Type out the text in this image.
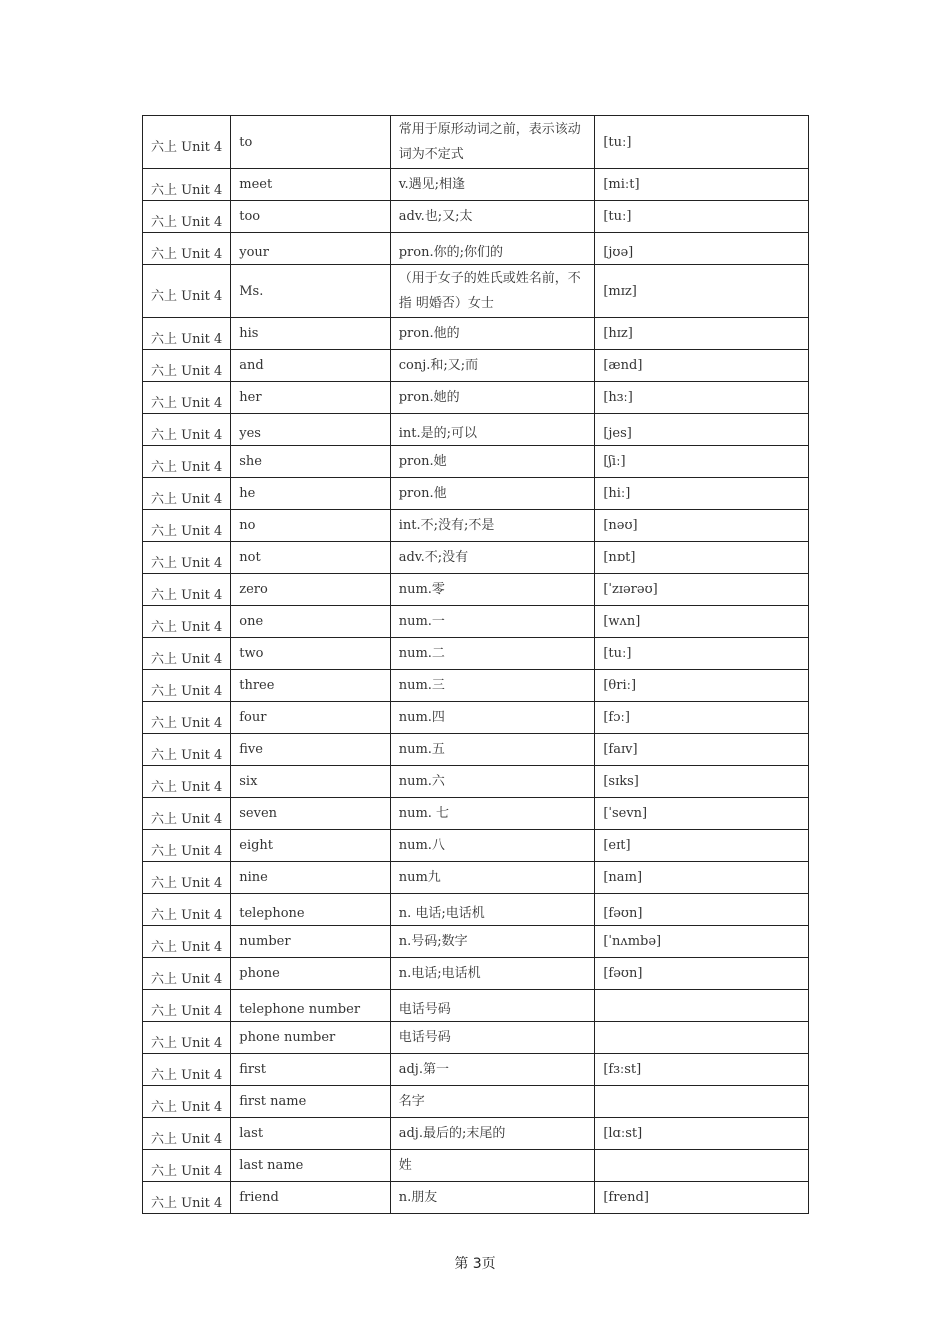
六上 Unit 4	to	常用于原形动词之前，表示该动 词为不定式	[tuː]

六上 Unit 4	meet	v.遇见;相逢	[miːt]

六上 Unit 4	too	adv.也;又;太	[tuː]

六上 Unit 4	your	pron.你的;你们的	[jʊə]

六上 Unit 4	Ms.	（用于女子的姓氏或姓名前，不指 明婚否）女士	[mɪz]

六上 Unit 4	his	pron.他的	[hɪz]

六上 Unit 4	and	conj.和;又;而	[ænd]

六上 Unit 4	her	pron.她的	[hɜː]

六上 Unit 4	yes	int.是的;可以	[jes]

六上 Unit 4	she	pron.她	[ʃiː]

六上 Unit 4	he	pron.他	[hiː]

六上 Unit 4	no	int.不;没有;不是	[nəʊ]

六上 Unit 4	not	adv.不;没有	[nɒt]

六上 Unit 4	zero	num.零	[ˈzɪərəʊ]

六上 Unit 4	one	num.一	[wʌn]

六上 Unit 4	two	num.二	[tuː]

六上 Unit 4	three	num.三	[θriː]

六上 Unit 4	four	num.四	[fɔː]

六上 Unit 4	five	num.五	[faɪv]

六上 Unit 4	six	num.六	[sɪks]

六上 Unit 4	seven	num. 七	[ˈsevn]

六上 Unit 4	eight	num.八	[eɪt]

六上 Unit 4	nine	num九	[naɪn]

六上 Unit 4	telephone	n. 电话;电话机	[fəʊn]

六上 Unit 4	number	n.号码;数字	[ˈnʌmbə]

六上 Unit 4	phone	n.电话;电话机	[fəʊn]

六上 Unit 4	telephone number	电话号码	

六上 Unit 4	phone number	电话号码	

六上 Unit 4	first	adj.第一	[fɜːst]

六上 Unit 4	first name	名字	

六上 Unit 4	last	adj.最后的;末尾的	[lɑːst]

六上 Unit 4	last name	姓	

六上 Unit 4	friend	n.朋友	[frend]
第 3页
